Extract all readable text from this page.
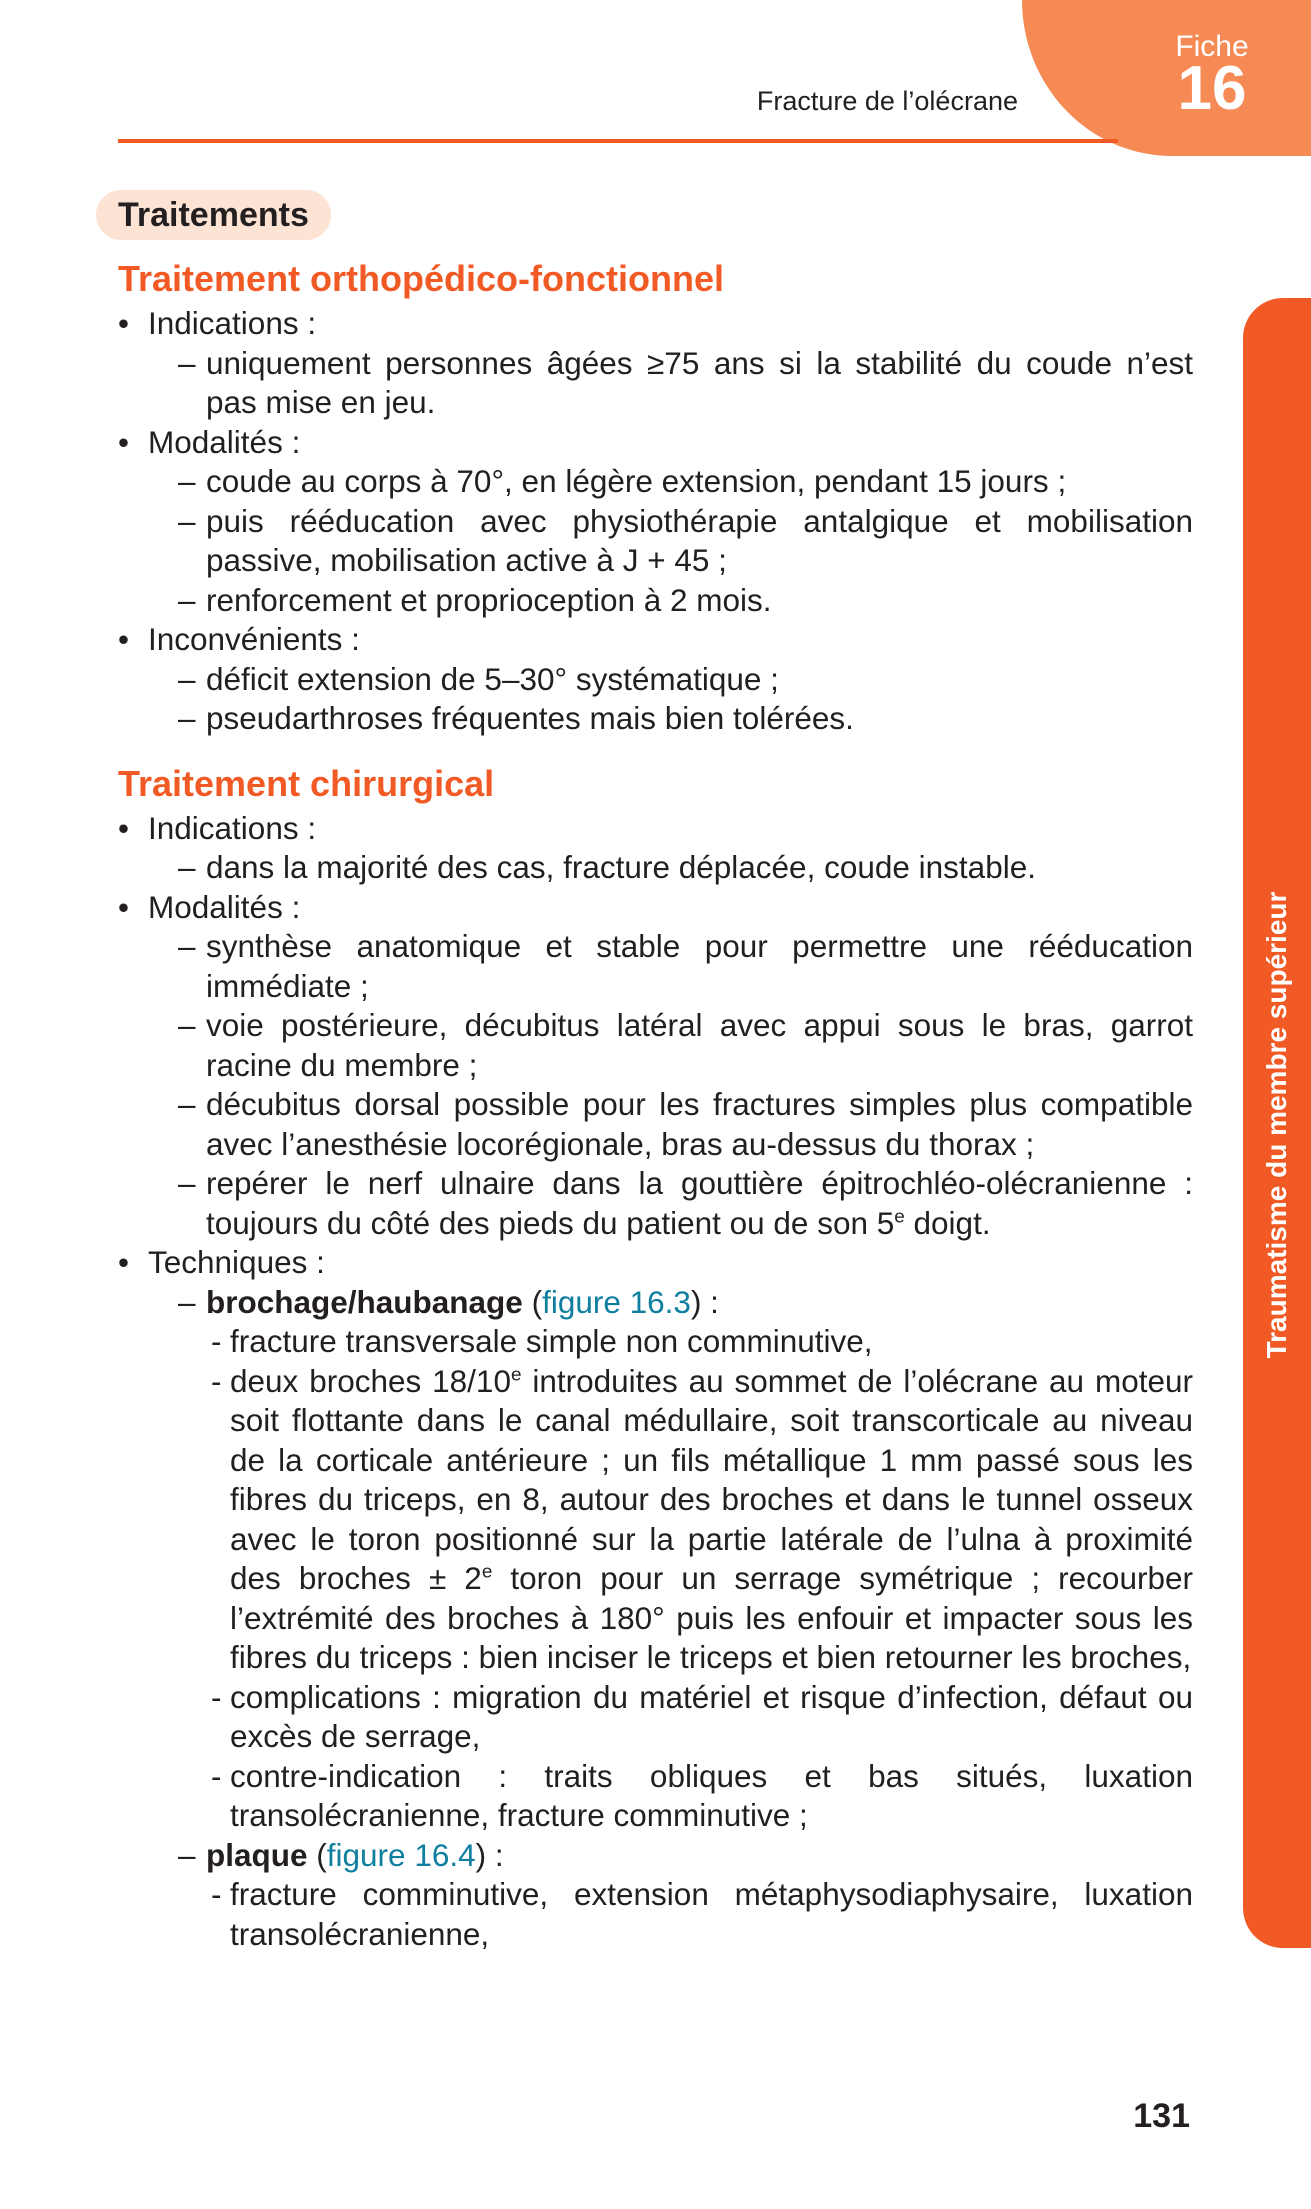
Fiche
16
Fracture de l’olécrane
Traumatisme du membre supérieur
Traitements
Traitement orthopédico-fonctionnel
• Indications :
– uniquement personnes âgées ≥75 ans si la stabilité du coude n’est pas mise en jeu.
• Modalités :
– coude au corps à 70°, en légère extension, pendant 15 jours ;
– puis rééducation avec physiothérapie antalgique et mobilisation passive, mobilisation active à J + 45 ;
– renforcement et proprioception à 2 mois.
• Inconvénients :
– déficit extension de 5–30° systématique ;
– pseudarthroses fréquentes mais bien tolérées.
Traitement chirurgical
• Indications :
– dans la majorité des cas, fracture déplacée, coude instable.
• Modalités :
– synthèse anatomique et stable pour permettre une rééducation immédiate ;
– voie postérieure, décubitus latéral avec appui sous le bras, garrot racine du membre ;
– décubitus dorsal possible pour les fractures simples plus compatible avec l’anesthésie locorégionale, bras au-dessus du thorax ;
– repérer le nerf ulnaire dans la gouttière épitrochléo-olécranienne : toujours du côté des pieds du patient ou de son 5e doigt.
• Techniques :
– brochage/haubanage (figure 16.3) :
- fracture transversale simple non comminutive,
- deux broches 18/10e introduites au sommet de l’olécrane au moteur soit flottante dans le canal médullaire, soit transcorticale au niveau de la corticale antérieure ; un fils métallique 1 mm passé sous les fibres du triceps, en 8, autour des broches et dans le tunnel osseux avec le toron positionné sur la partie latérale de l’ulna à proximité des broches ± $2^e$ toron pour un serrage symétrique ; recourber l’extrémité des broches à 180° puis les enfouir et impacter sous les fibres du triceps : bien inciser le triceps et bien retourner les broches,
- complications : migration du matériel et risque d’infection, défaut ou excès de serrage,
- contre-indication : traits obliques et bas situés, luxation transolécranienne, fracture comminutive ;
– plaque (figure 16.4) :
- fracture comminutive, extension métaphysodiaphysaire, luxation transolécranienne,
131
